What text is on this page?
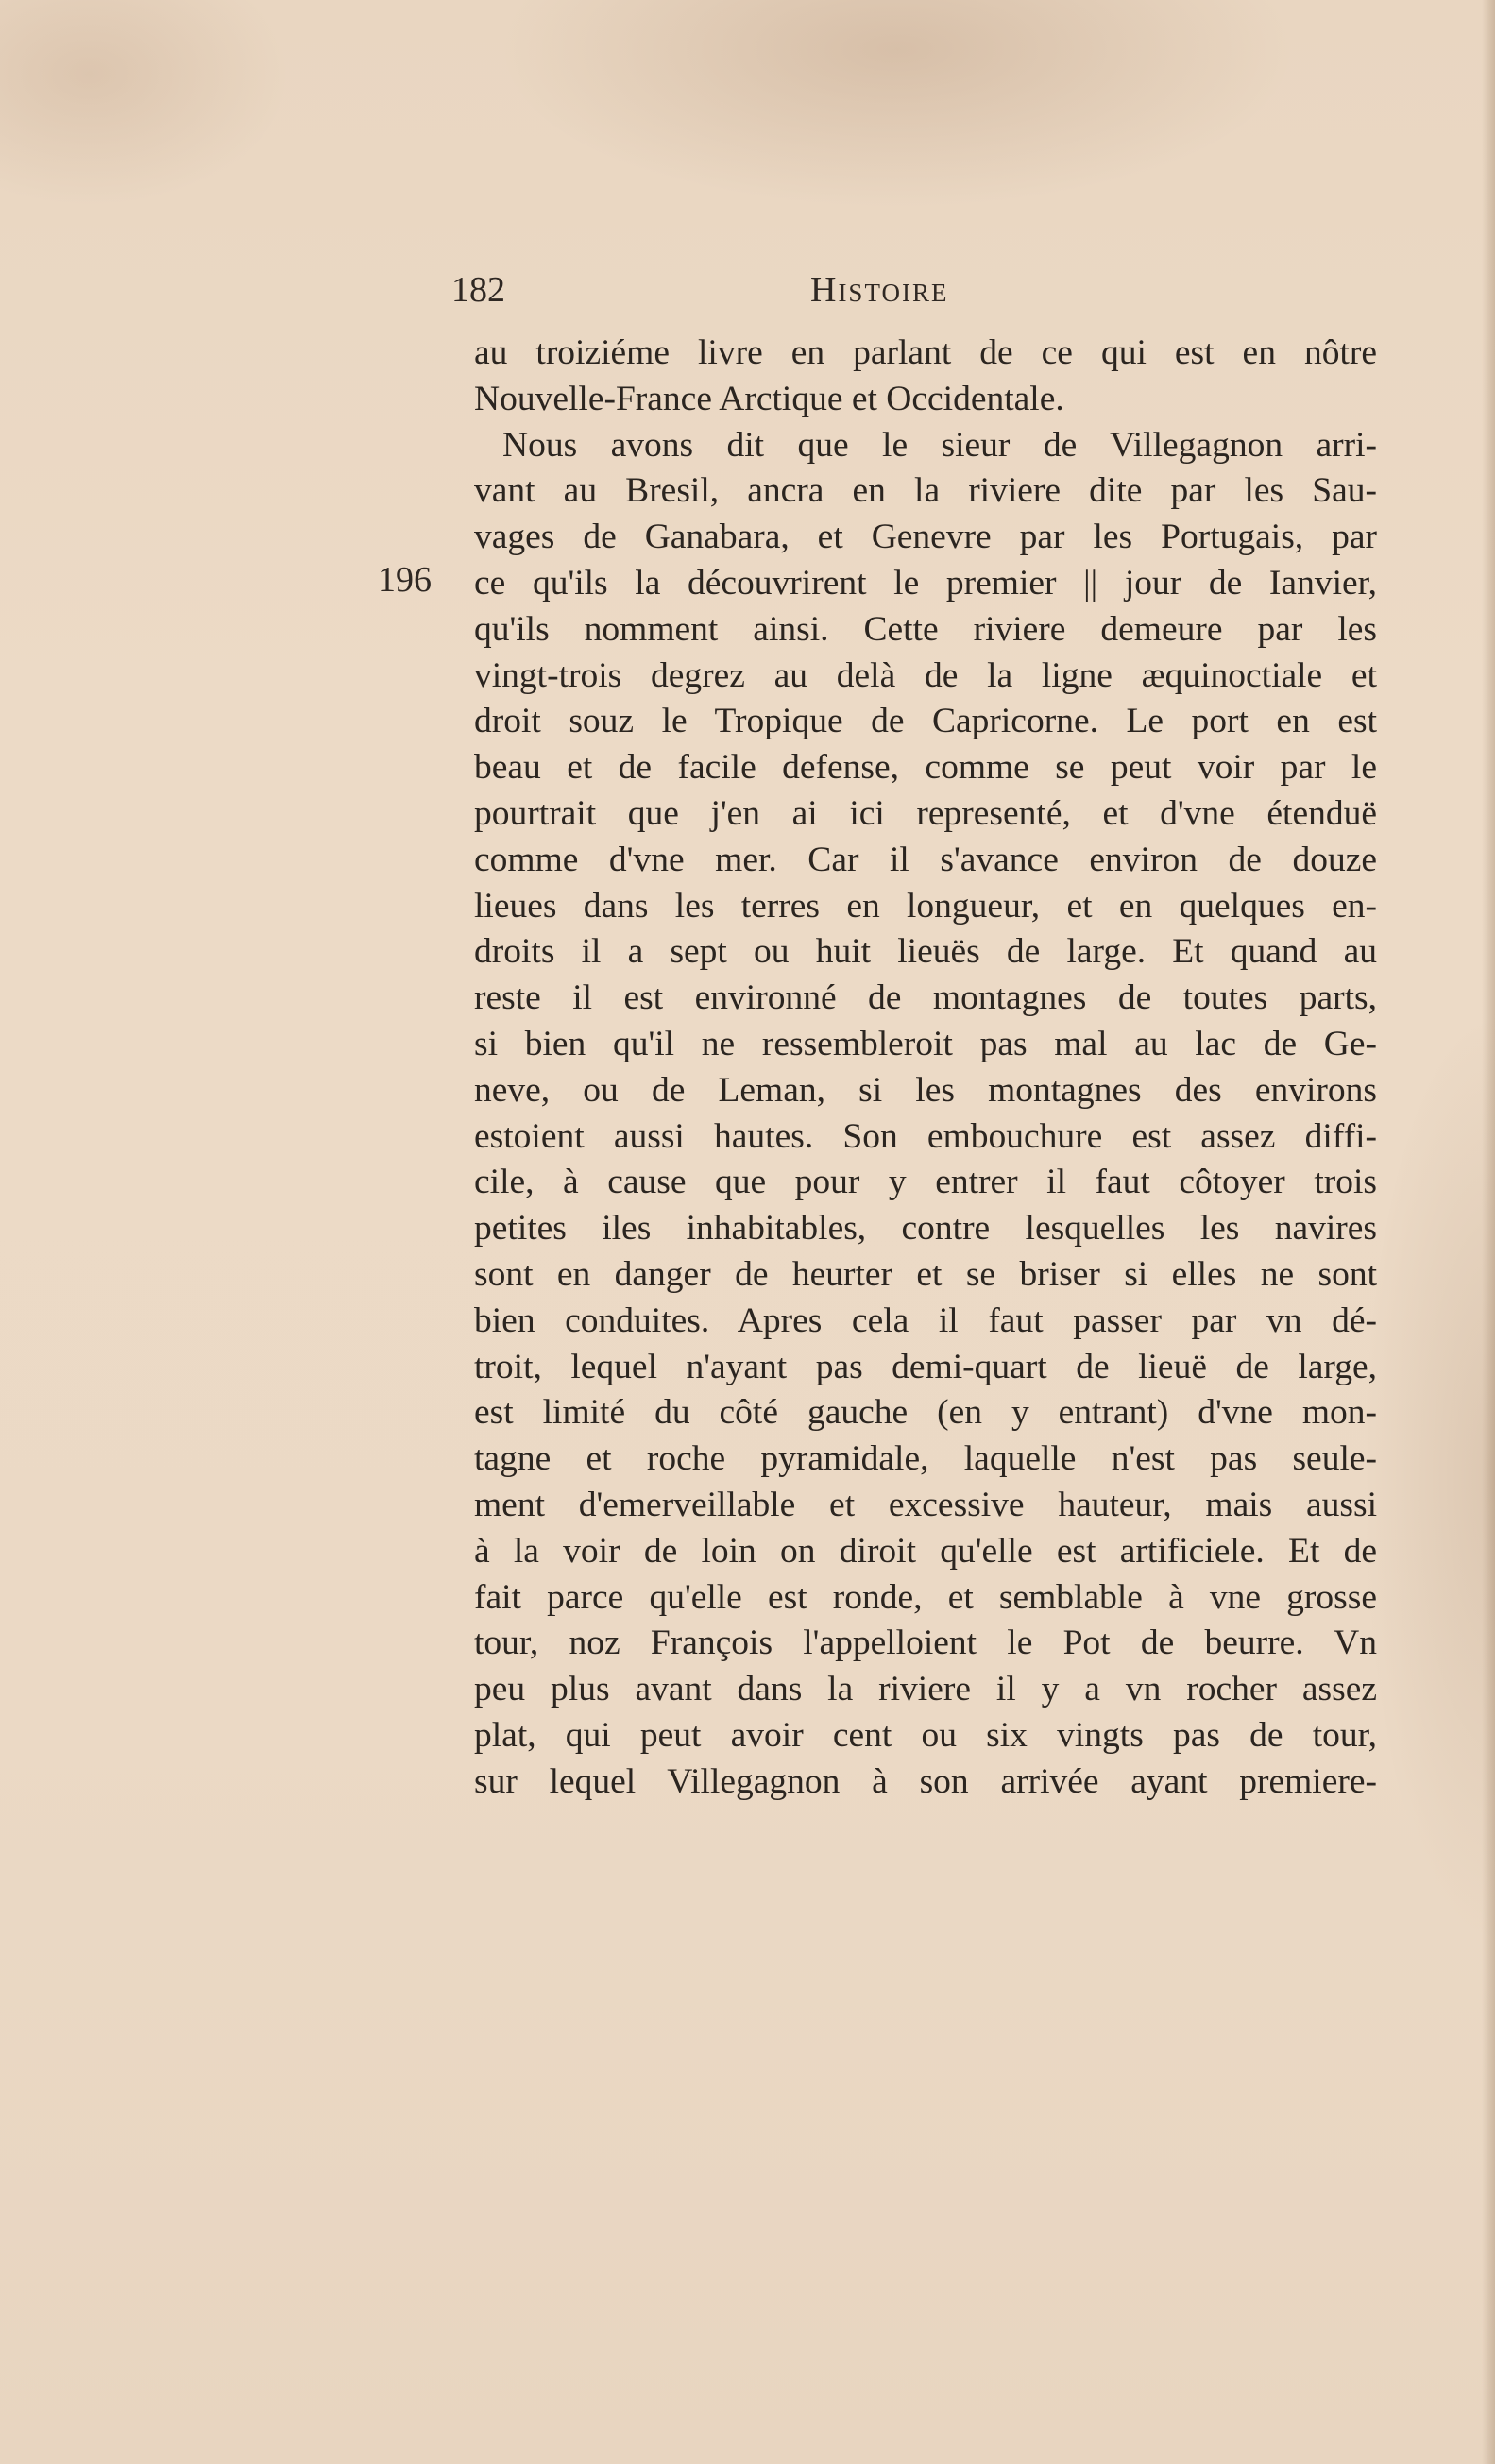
182	Histoire
196
au troiziéme livre en parlant de ce qui est en nôtre
Nouvelle-France Arctique et Occidentale.
Nous avons dit que le sieur de Villegagnon arri-
vant au Bresil, ancra en la riviere dite par les Sau-
vages de Ganabara, et Genevre par les Portugais, par
ce qu'ils la découvrirent le premier || jour de Ianvier,
qu'ils nomment ainsi. Cette riviere demeure par les
vingt-trois degrez au delà de la ligne æquinoctiale et
droit souz le Tropique de Capricorne. Le port en est
beau et de facile defense, comme se peut voir par le
pourtrait que j'en ai ici representé, et d'vne étenduë
comme d'vne mer. Car il s'avance environ de douze
lieues dans les terres en longueur, et en quelques en-
droits il a sept ou huit lieuës de large. Et quand au
reste il est environné de montagnes de toutes parts,
si bien qu'il ne ressembleroit pas mal au lac de Ge-
neve, ou de Leman, si les montagnes des environs
estoient aussi hautes. Son embouchure est assez diffi-
cile, à cause que pour y entrer il faut côtoyer trois
petites iles inhabitables, contre lesquelles les navires
sont en danger de heurter et se briser si elles ne sont
bien conduites. Apres cela il faut passer par vn dé-
troit, lequel n'ayant pas demi-quart de lieuë de large,
est limité du côté gauche (en y entrant) d'vne mon-
tagne et roche pyramidale, laquelle n'est pas seule-
ment d'emerveillable et excessive hauteur, mais aussi
à la voir de loin on diroit qu'elle est artificiele. Et de
fait parce qu'elle est ronde, et semblable à vne grosse
tour, noz François l'appelloient le Pot de beurre. Vn
peu plus avant dans la riviere il y a vn rocher assez
plat, qui peut avoir cent ou six vingts pas de tour,
sur lequel Villegagnon à son arrivée ayant premiere-
